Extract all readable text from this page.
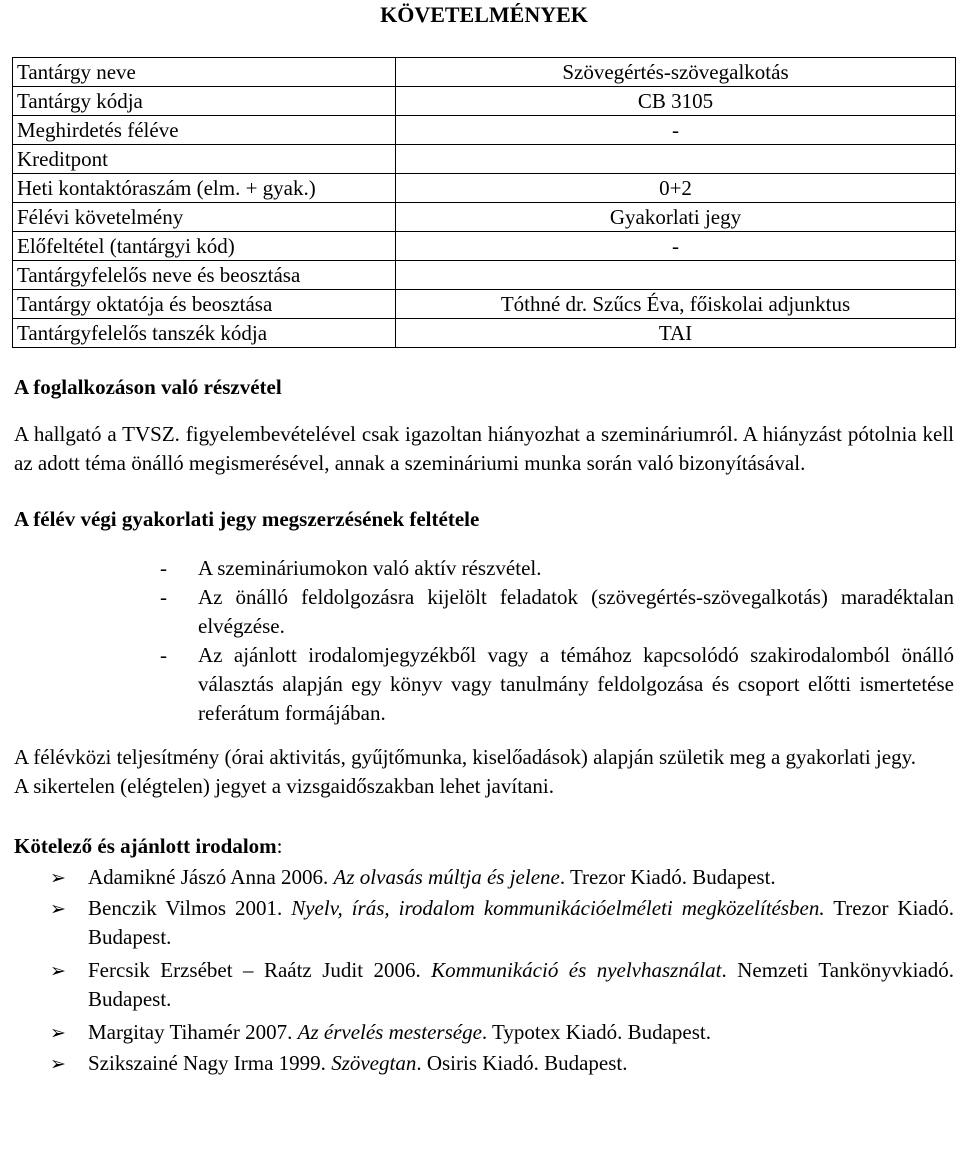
KÖVETELMÉNYEK
Tantárgy neve	Szövegértés-szövegalkotás
Tantárgy kódja	CB 3105
Meghirdetés féléve	-
Kreditpont	
Heti kontaktóraszám (elm. + gyak.)	0+2
Félévi követelmény	Gyakorlati jegy
Előfeltétel (tantárgyi kód)	-
Tantárgyfelelős neve és beosztása	
Tantárgy oktatója és beosztása	Tóthné dr. Szűcs Éva, főiskolai adjunktus
Tantárgyfelelős tanszék kódja	TAI
A foglalkozáson való részvétel
A hallgató a TVSZ. figyelembevételével csak igazoltan hiányozhat a szemináriumról. A hiányzást pótolnia kell az adott téma önálló megismerésével, annak a szemináriumi munka során való bizonyításával.
A félév végi gyakorlati jegy megszerzésének feltétele
- A szemináriumokon való aktív részvétel.
- Az önálló feldolgozásra kijelölt feladatok (szövegértés-szövegalkotás) maradéktalan elvégzése.
- Az ajánlott irodalomjegyzékből vagy a témához kapcsolódó szakirodalomból önálló választás alapján egy könyv vagy tanulmány feldolgozása és csoport előtti ismertetése referátum formájában.
A félévközi teljesítmény (órai aktivitás, gyűjtőmunka, kiselőadások) alapján születik meg a gyakorlati jegy.
A sikertelen (elégtelen) jegyet a vizsgaidőszakban lehet javítani.
Kötelező és ajánlott irodalom:
➢ Adamikné Jászó Anna 2006. Az olvasás múltja és jelene. Trezor Kiadó. Budapest.
➢ Benczik Vilmos 2001. Nyelv, írás, irodalom kommunikációelméleti megközelítésben. Trezor Kiadó. Budapest.
➢ Fercsik Erzsébet – Raátz Judit 2006. Kommunikáció és nyelvhasználat. Nemzeti Tankönyvkiadó. Budapest.
➢ Margitay Tihamér 2007. Az érvelés mestersége. Typotex Kiadó. Budapest.
➢ Szikszainé Nagy Irma 1999. Szövegtan. Osiris Kiadó. Budapest.
